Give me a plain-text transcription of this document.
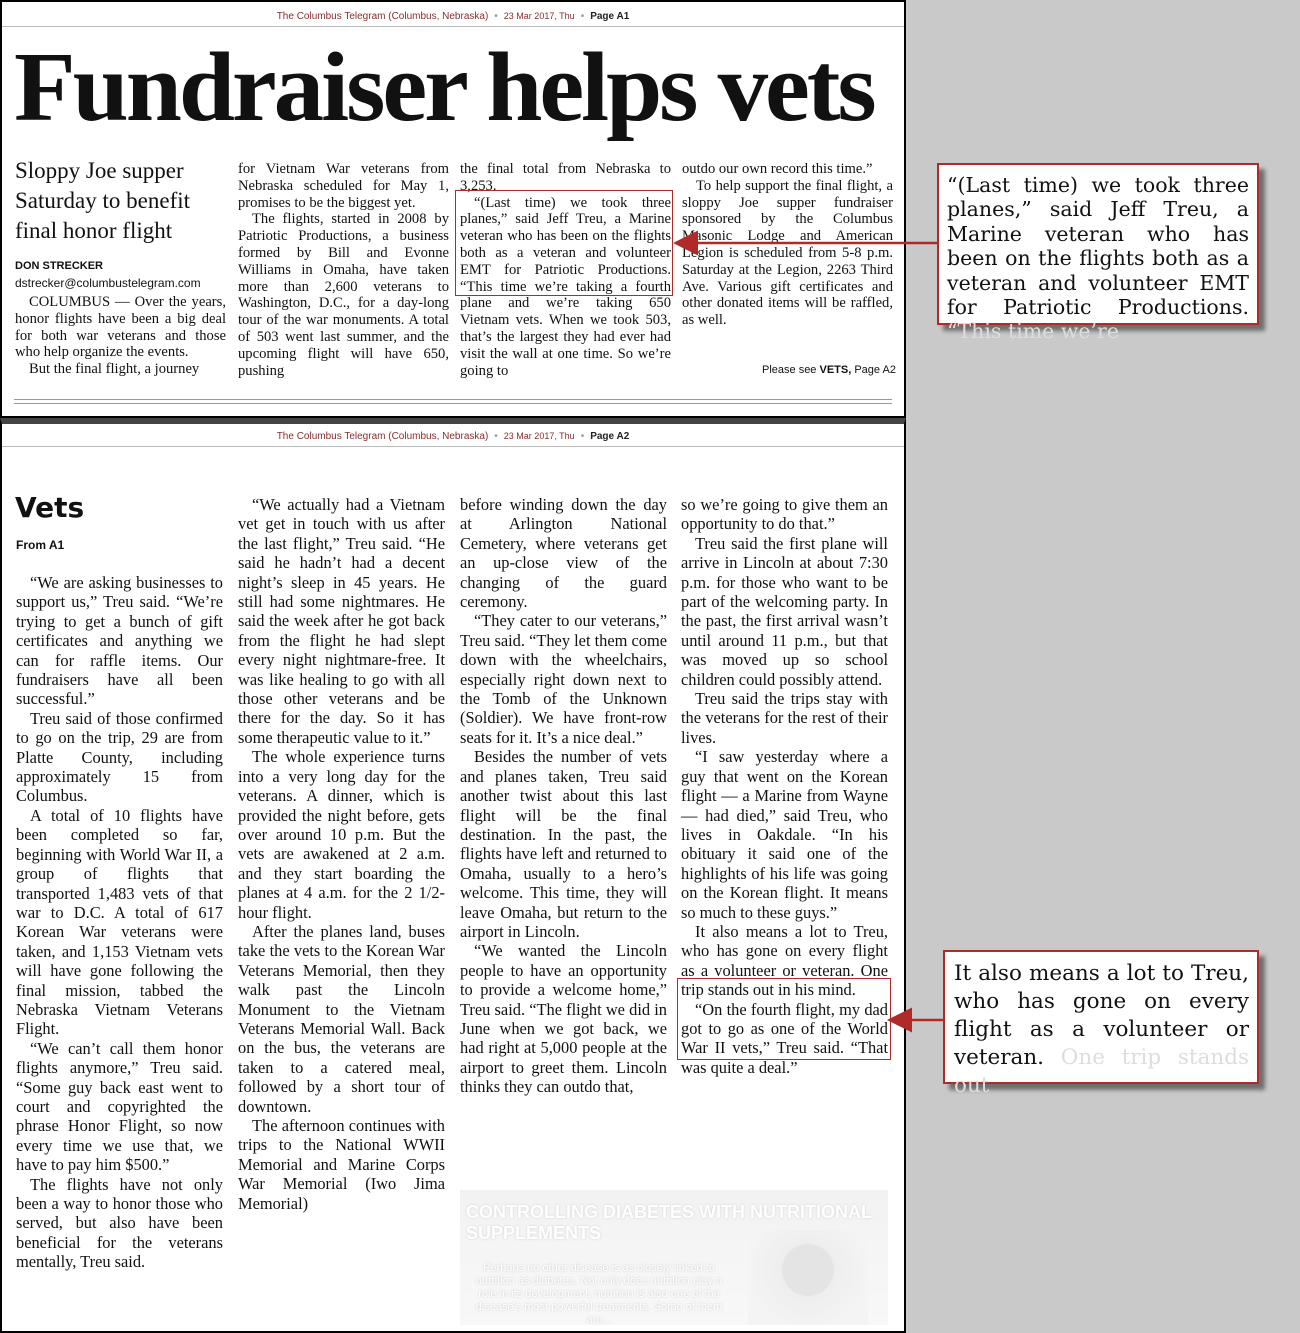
The Columbus Telegram (Columbus, Nebraska) • 23 Mar 2017, Thu • Page A1
Fundraiser helps vets
Sloppy Joe supper Saturday to benefit final honor flight
DON STRECKER
dstrecker@columbustelegram.com

COLUMBUS — Over the years, honor flights have been a big deal for both war veterans and those who help organize the events.

But the final flight, a journey

for Vietnam War veterans from Nebraska scheduled for May 1, promises to be the biggest yet.

The flights, started in 2008 by Patriotic Productions, a business formed by Bill and Evonne Williams in Omaha, have taken more than 2,600 veterans to Washington, D.C., for a day-long tour of the war monuments. A total of 503 went last summer, and the upcoming flight will have 650, pushing

the final total from Nebraska to 3,253.

“(Last time) we took three planes,” said Jeff Treu, a Marine veteran who has been on the flights both as a veteran and volunteer EMT for Patriotic Productions. “This time we’re taking a fourth plane and we’re taking 650 Vietnam vets. When we took 503, that’s the largest they had ever had visit the wall at one time. So we’re going to

outdo our own record this time.”

To help support the final flight, a sloppy Joe supper fundraiser sponsored by the Columbus Masonic Lodge and American Legion is scheduled from 5-8 p.m. Saturday at the Legion, 2263 Third Ave. Various gift certificates and other donated items will be raffled, as well.

Please see VETS, Page A2
The Columbus Telegram (Columbus, Nebraska) • 23 Mar 2017, Thu • Page A2
Vets
From A1

“We are asking businesses to support us,” Treu said. “We’re trying to get a bunch of gift certificates and anything we can for raffle items. Our fundraisers have all been successful.”

Treu said of those confirmed to go on the trip, 29 are from Platte County, including approximately 15 from Columbus.

A total of 10 flights have been completed so far, beginning with World War II, a group of flights that transported 1,483 vets of that war to D.C. A total of 617 Korean War veterans were taken, and 1,153 Vietnam vets will have gone following the final mission, tabbed the Nebraska Vietnam Veterans Flight.

“We can’t call them honor flights anymore,” Treu said. “Some guy back east went to court and copyrighted the phrase Honor Flight, so now every time we use that, we have to pay him $500.”

The flights have not only been a way to honor those who served, but also have been beneficial for the veterans mentally, Treu said.

“We actually had a Vietnam vet get in touch with us after the last flight,” Treu said. “He said he hadn’t had a decent night’s sleep in 45 years. He still had some nightmares. He said the week after he got back from the flight he had slept every night nightmare-free. It was like healing to go with all those other veterans and be there for the day. So it has some therapeutic value to it.”

The whole experience turns into a very long day for the veterans. A dinner, which is provided the night before, gets over around 10 p.m. But the vets are awakened at 2 a.m. and they start boarding the planes at 4 a.m. for the 2 1/2-hour flight.

After the planes land, buses take the vets to the Korean War Veterans Memorial, then they walk past the Lincoln Monument to the Vietnam Veterans Memorial Wall. Back on the bus, the veterans are taken to a catered meal, followed by a short tour of downtown.

The afternoon continues with trips to the National WWII Memorial and Marine Corps War Memorial (Iwo Jima Memorial)

before winding down the day at Arlington National Cemetery, where veterans get an up-close view of the changing of the guard ceremony.

“They cater to our veterans,” Treu said. “They let them come down with the wheelchairs, especially right down next to the Tomb of the Unknown (Soldier). We have front-row seats for it. It’s a nice deal.”

Besides the number of vets and planes taken, Treu said another twist about this last flight will be the final destination. In the past, the flights have left and returned to Omaha, usually to a hero’s welcome. This time, they will leave Omaha, but return to the airport in Lincoln.

“We wanted the Lincoln people to have an opportunity to provide a welcome home,” Treu said. “The flight we did in June when we got back, we had right at 5,000 people at the airport to greet them. Lincoln thinks they can outdo that,

so we’re going to give them an opportunity to do that.”

Treu said the first plane will arrive in Lincoln at about 7:30 p.m. for those who want to be part of the welcoming party. In the past, the first arrival wasn’t until around 11 p.m., but that was moved up so school children could possibly attend.

Treu said the trips stay with the veterans for the rest of their lives.

“I saw yesterday where a guy that went on the Korean flight — a Marine from Wayne — had died,” said Treu, who lives in Oakdale. “In his obituary it said one of the highlights of his life was going on the Korean flight. It means so much to these guys.”

It also means a lot to Treu, who has gone on every flight as a volunteer or veteran. One trip stands out in his mind.

“On the fourth flight, my dad got to go as one of the World War II vets,” Treu said. “That was quite a deal.”

CONTROLLING DIABETES WITH NUTRITIONAL SUPPLEMENTS
Perhaps no other disease is as closely linked to nutrition as diabetes. Not only does nutrition play a role in its development, nutrition is also one of the disease's most powerful treatments. Some of them are...
“(Last time) we took three planes,” said Jeff Treu, a Marine veteran who has been on the flights both as a veteran and volunteer EMT for Patriotic Productions. “This time we’re
It also means a lot to Treu, who has gone on every flight as a volunteer or veteran. One trip stands out
